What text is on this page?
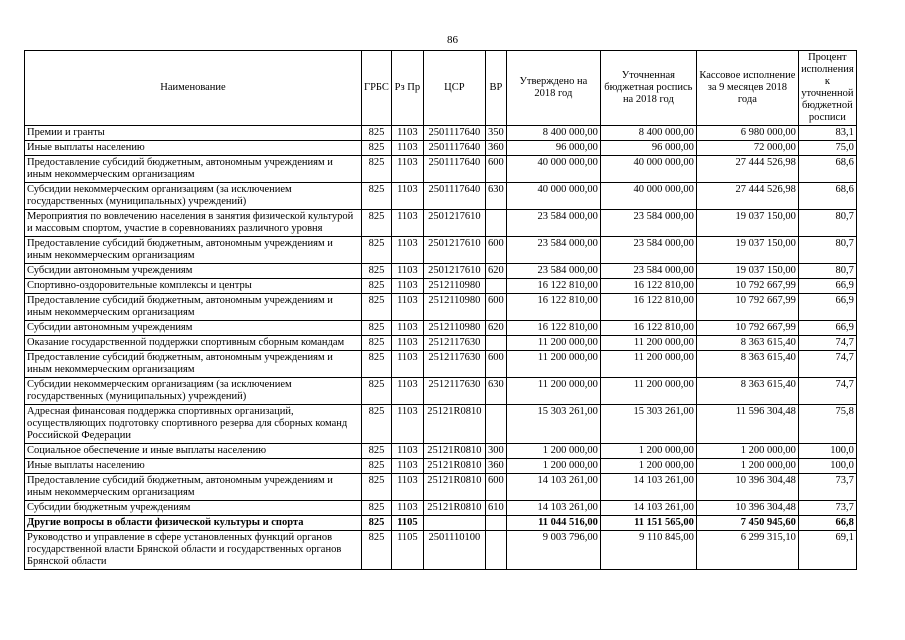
86
Наименование	ГРБС	Рз Пр	ЦСР	ВР	Утверждено на 2018 год	Уточненная бюджетная роспись на 2018 год	Кассовое исполнение за 9 месяцев 2018 года	Процент исполнения к уточненной бюджетной росписи
Премии и гранты	825	1103	2501117640	350	8 400 000,00	8 400 000,00	6 980 000,00	83,1
Иные выплаты населению	825	1103	2501117640	360	96 000,00	96 000,00	72 000,00	75,0
Предоставление субсидий бюджетным, автономным учреждениям и иным некоммерческим организациям	825	1103	2501117640	600	40 000 000,00	40 000 000,00	27 444 526,98	68,6
Субсидии некоммерческим организациям (за исключением государственных (муниципальных) учреждений)	825	1103	2501117640	630	40 000 000,00	40 000 000,00	27 444 526,98	68,6
Мероприятия по вовлечению населения в занятия физической культурой и массовым спортом, участие в соревнованиях различного уровня	825	1103	2501217610		23 584 000,00	23 584 000,00	19 037 150,00	80,7
Предоставление субсидий бюджетным, автономным учреждениям и иным некоммерческим организациям	825	1103	2501217610	600	23 584 000,00	23 584 000,00	19 037 150,00	80,7
Субсидии автономным учреждениям	825	1103	2501217610	620	23 584 000,00	23 584 000,00	19 037 150,00	80,7
Спортивно-оздоровительные комплексы и центры	825	1103	2512110980		16 122 810,00	16 122 810,00	10 792 667,99	66,9
Предоставление субсидий бюджетным, автономным учреждениям и иным некоммерческим организациям	825	1103	2512110980	600	16 122 810,00	16 122 810,00	10 792 667,99	66,9
Субсидии автономным учреждениям	825	1103	2512110980	620	16 122 810,00	16 122 810,00	10 792 667,99	66,9
Оказание государственной поддержки спортивным сборным командам	825	1103	2512117630		11 200 000,00	11 200 000,00	8 363 615,40	74,7
Предоставление субсидий бюджетным, автономным учреждениям и иным некоммерческим организациям	825	1103	2512117630	600	11 200 000,00	11 200 000,00	8 363 615,40	74,7
Субсидии некоммерческим организациям (за исключением государственных (муниципальных) учреждений)	825	1103	2512117630	630	11 200 000,00	11 200 000,00	8 363 615,40	74,7
Адресная финансовая поддержка спортивных организаций, осуществляющих подготовку спортивного резерва для сборных команд Российской Федерации	825	1103	25121R0810		15 303 261,00	15 303 261,00	11 596 304,48	75,8
Социальное обеспечение и иные выплаты населению	825	1103	25121R0810	300	1 200 000,00	1 200 000,00	1 200 000,00	100,0
Иные выплаты населению	825	1103	25121R0810	360	1 200 000,00	1 200 000,00	1 200 000,00	100,0
Предоставление субсидий бюджетным, автономным учреждениям и иным некоммерческим организациям	825	1103	25121R0810	600	14 103 261,00	14 103 261,00	10 396 304,48	73,7
Субсидии бюджетным учреждениям	825	1103	25121R0810	610	14 103 261,00	14 103 261,00	10 396 304,48	73,7
Другие вопросы в области физической культуры и спорта	825	1105			11 044 516,00	11 151 565,00	7 450 945,60	66,8
Руководство и управление в сфере установленных функций органов государственной власти Брянской области и государственных органов Брянской области	825	1105	2501110100		9 003 796,00	9 110 845,00	6 299 315,10	69,1
